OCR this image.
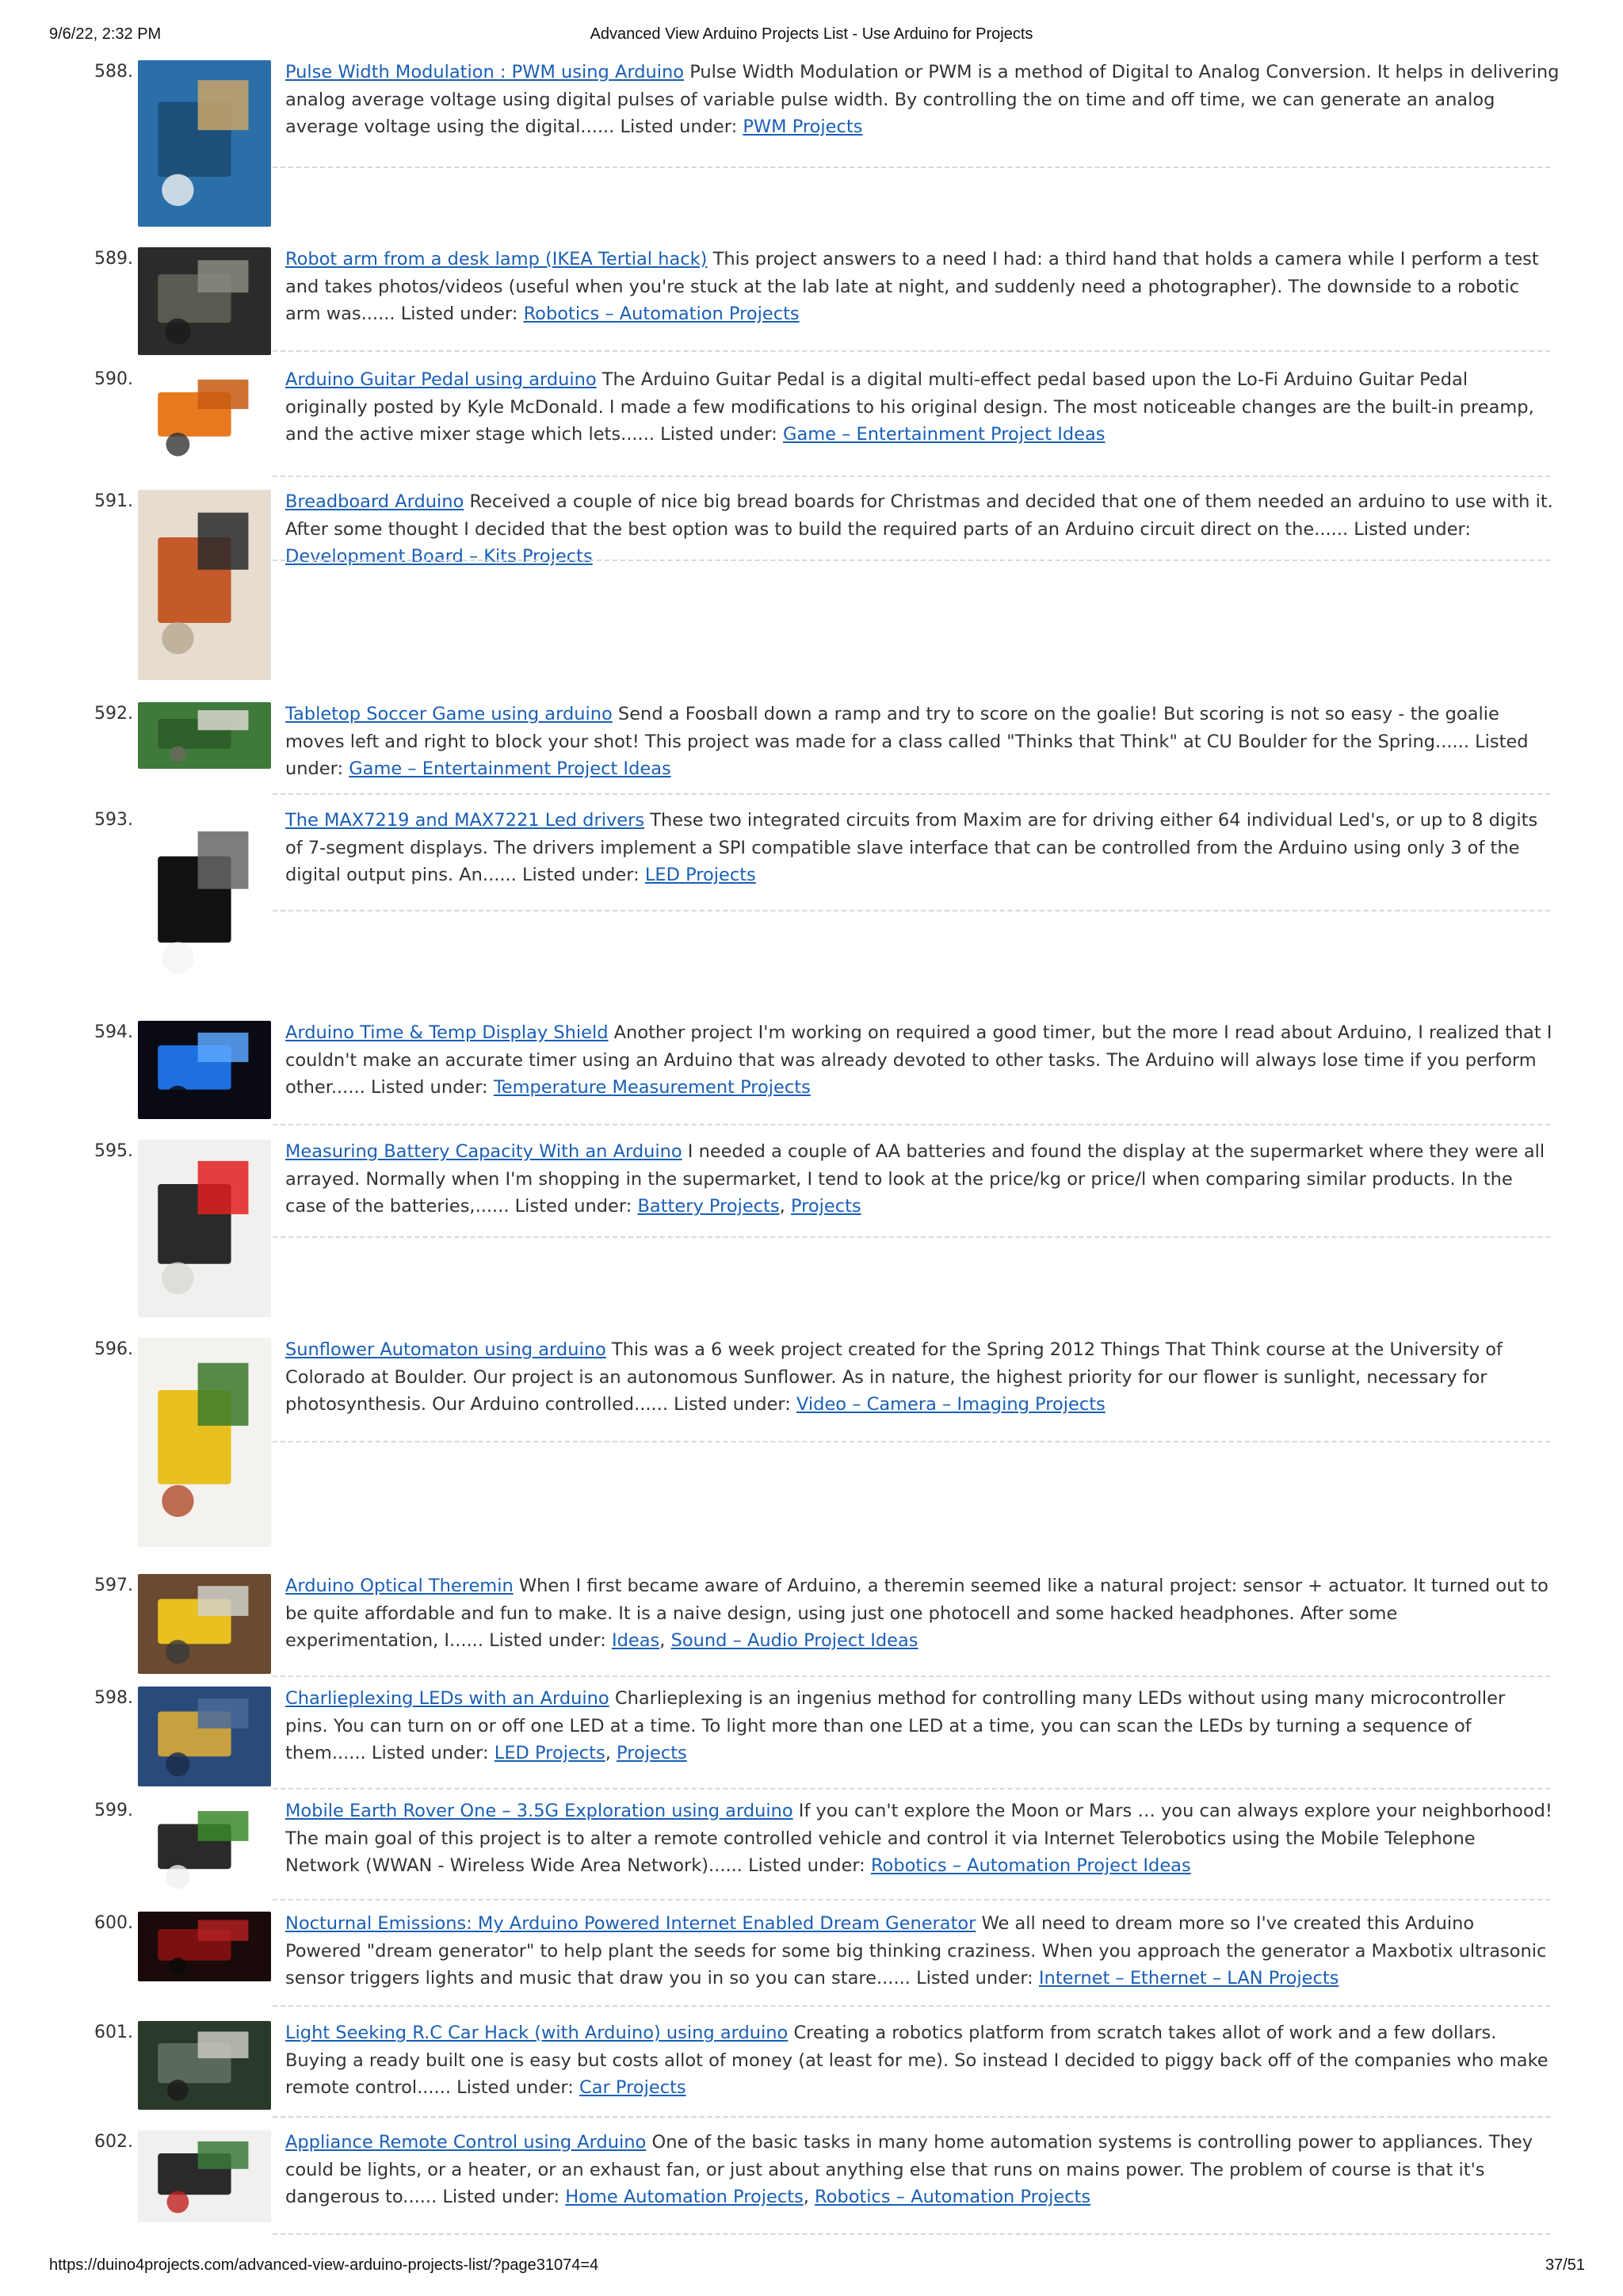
9/6/22, 2:32 PM	Advanced View Arduino Projects List - Use Arduino for Projects
588.	Pulse Width Modulation : PWM using Arduino Pulse Width Modulation or PWM is a method of Digital to Analog Conversion. It helps in delivering analog average voltage using digital pulses of variable pulse width. By controlling the on time and off time, we can generate an analog average voltage using the digital...... Listed under: PWM Projects
589.	Robot arm from a desk lamp (IKEA Tertial hack) This project answers to a need I had: a third hand that holds a camera while I perform a test and takes photos/videos (useful when you're stuck at the lab late at night, and suddenly need a photographer). The downside to a robotic arm was...... Listed under: Robotics – Automation Projects
590.	Arduino Guitar Pedal using arduino The Arduino Guitar Pedal is a digital multi-effect pedal based upon the Lo-Fi Arduino Guitar Pedal originally posted by Kyle McDonald. I made a few modifications to his original design. The most noticeable changes are the built-in preamp, and the active mixer stage which lets...... Listed under: Game – Entertainment Project Ideas
591.	Breadboard Arduino Received a couple of nice big bread boards for Christmas and decided that one of them needed an arduino to use with it. After some thought I decided that the best option was to build the required parts of an Arduino circuit direct on the...... Listed under: Development Board – Kits Projects
592.	Tabletop Soccer Game using arduino Send a Foosball down a ramp and try to score on the goalie! But scoring is not so easy - the goalie moves left and right to block your shot! This project was made for a class called "Thinks that Think" at CU Boulder for the Spring...... Listed under: Game – Entertainment Project Ideas
593.	The MAX7219 and MAX7221 Led drivers These two integrated circuits from Maxim are for driving either 64 individual Led's, or up to 8 digits of 7-segment displays. The drivers implement a SPI compatible slave interface that can be controlled from the Arduino using only 3 of the digital output pins. An...... Listed under: LED Projects
594.	Arduino Time & Temp Display Shield Another project I'm working on required a good timer, but the more I read about Arduino, I realized that I couldn't make an accurate timer using an Arduino that was already devoted to other tasks. The Arduino will always lose time if you perform other...... Listed under: Temperature Measurement Projects
595.	Measuring Battery Capacity With an Arduino I needed a couple of AA batteries and found the display at the supermarket where they were all arrayed. Normally when I'm shopping in the supermarket, I tend to look at the price/kg or price/l when comparing similar products. In the case of the batteries,...... Listed under: Battery Projects, Projects
596.	Sunflower Automaton using arduino This was a 6 week project created for the Spring 2012 Things That Think course at the University of Colorado at Boulder. Our project is an autonomous Sunflower. As in nature, the highest priority for our flower is sunlight, necessary for photosynthesis. Our Arduino controlled...... Listed under: Video – Camera – Imaging Projects
597.	Arduino Optical Theremin When I first became aware of Arduino, a theremin seemed like a natural project: sensor + actuator. It turned out to be quite affordable and fun to make. It is a naive design, using just one photocell and some hacked headphones. After some experimentation, I...... Listed under: Ideas, Sound – Audio Project Ideas
598.	Charlieplexing LEDs with an Arduino Charlieplexing is an ingenius method for controlling many LEDs without using many microcontroller pins. You can turn on or off one LED at a time. To light more than one LED at a time, you can scan the LEDs by turning a sequence of them...... Listed under: LED Projects, Projects
599.	Mobile Earth Rover One – 3.5G Exploration using arduino If you can't explore the Moon or Mars … you can always explore your neighborhood! The main goal of this project is to alter a remote controlled vehicle and control it via Internet Telerobotics using the Mobile Telephone Network (WWAN - Wireless Wide Area Network)...... Listed under: Robotics – Automation Project Ideas
600.	Nocturnal Emissions: My Arduino Powered Internet Enabled Dream Generator We all need to dream more so I've created this Arduino Powered "dream generator" to help plant the seeds for some big thinking craziness. When you approach the generator a Maxbotix ultrasonic sensor triggers lights and music that draw you in so you can stare...... Listed under: Internet – Ethernet – LAN Projects
601.	Light Seeking R.C Car Hack (with Arduino) using arduino Creating a robotics platform from scratch takes allot of work and a few dollars. Buying a ready built one is easy but costs allot of money (at least for me). So instead I decided to piggy back off of the companies who make remote control...... Listed under: Car Projects
602.	Appliance Remote Control using Arduino One of the basic tasks in many home automation systems is controlling power to appliances. They could be lights, or a heater, or an exhaust fan, or just about anything else that runs on mains power. The problem of course is that it's dangerous to...... Listed under: Home Automation Projects, Robotics – Automation Projects
https://duino4projects.com/advanced-view-arduino-projects-list/?page31074=4	37/51
